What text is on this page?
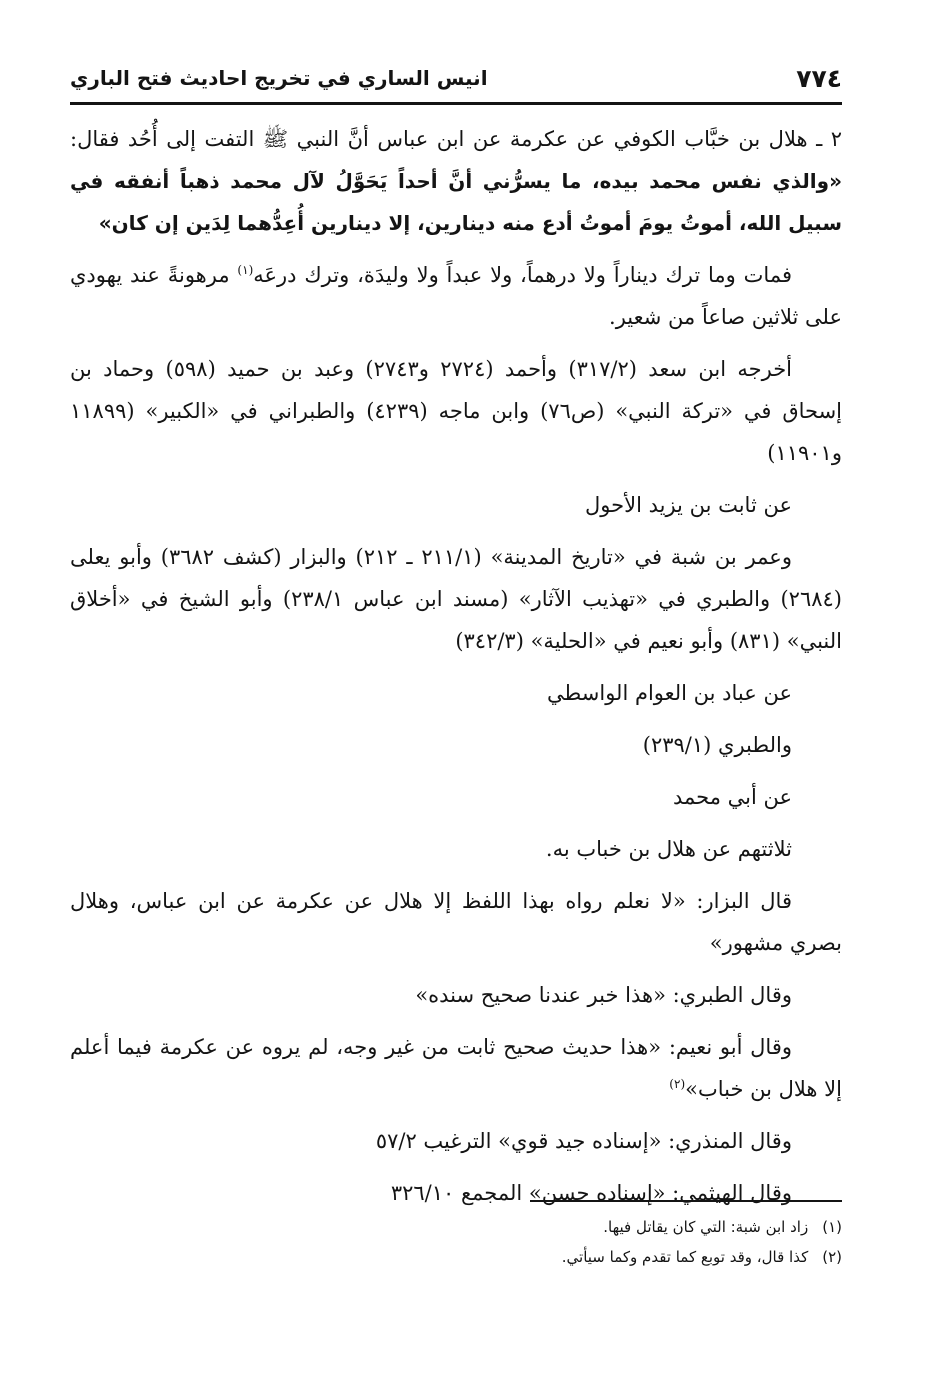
٧٧٤
انيس الساري في تخريج احاديث فتح الباري

٢ ـ هلال بن خبَّاب الكوفي عن عكرمة عن ابن عباس أنَّ النبي ﷺ التفت إلى أُحُد فقال: «والذي نفس محمد بيده، ما يسرُّني أنَّ أحداً يَحَوَّلُ لآل محمد ذهباً أنفقه في سبيل الله، أموتُ يومَ أموتُ أدع منه دينارين، إلا دينارين أُعِدُّهما لِدَين إن كان»

فمات وما ترك ديناراً ولا درهماً، ولا عبداً ولا وليدَة، وترك درعَه$^{(١)}$ مرهونةً عند يهودي على ثلاثين صاعاً من شعير.

أخرجه ابن سعد (٣١٧/٢) وأحمد (٢٧٢٤ و٢٧٤٣) وعبد بن حميد (٥٩٨) وحماد بن إسحاق في «تركة النبي» (ص٧٦) وابن ماجه (٤٢٣٩) والطبراني في «الكبير» (١١٨٩٩ و١١٩٠١)

عن ثابت بن يزيد الأحول

وعمر بن شبة في «تاريخ المدينة» (٢١١/١ ـ ٢١٢) والبزار (كشف ٣٦٨٢) وأبو يعلى (٢٦٨٤) والطبري في «تهذيب الآثار» (مسند ابن عباس ٢٣٨/١) وأبو الشيخ في «أخلاق النبي» (٨٣١) وأبو نعيم في «الحلية» (٣٤٢/٣)

عن عباد بن العوام الواسطي

والطبري (٢٣٩/١)

عن أبي محمد

ثلاثتهم عن هلال بن خباب به.

قال البزار: «لا نعلم رواه بهذا اللفظ إلا هلال عن عكرمة عن ابن عباس، وهلال بصري مشهور»

وقال الطبري: «هذا خبر عندنا صحيح سنده»

وقال أبو نعيم: «هذا حديث صحيح ثابت من غير وجه، لم يروه عن عكرمة فيما أعلم إلا هلال بن خباب»$^{(٢)}$

وقال المنذري: «إسناده جيد قوي» الترغيب ٥٧/٢

وقال الهيثمي: «إسناده حسن» المجمع ٣٢٦/١٠

(١)
زاد ابن شبة: التي كان يقاتل فيها.
(٢)
كذا قال، وقد توبع كما تقدم وكما سيأتي.
